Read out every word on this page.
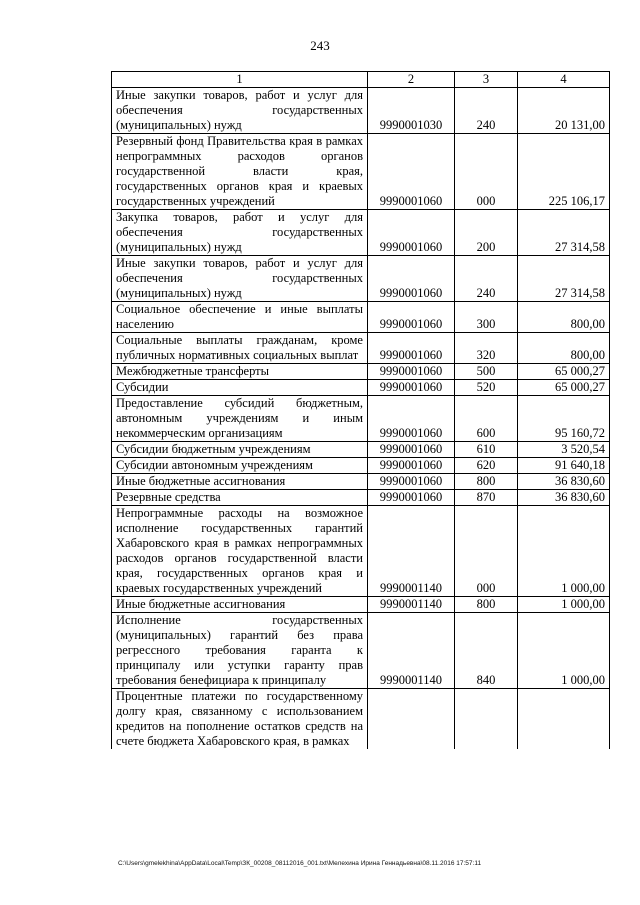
243
1	2	3	4
Иные закупки товаров, работ и услуг для обеспечения государственных (муниципальных) нужд	9990001030	240	20 131,00
Резервный фонд Правительства края в рамках непрограммных расходов органов государственной власти края, государственных органов края и краевых государственных учреждений	9990001060	000	225 106,17
Закупка товаров, работ и услуг для обеспечения государственных (муниципальных) нужд	9990001060	200	27 314,58
Иные закупки товаров, работ и услуг для обеспечения государственных (муниципальных) нужд	9990001060	240	27 314,58
Социальное обеспечение и иные выплаты населению	9990001060	300	800,00
Социальные выплаты гражданам, кроме публичных нормативных социальных выплат	9990001060	320	800,00
Межбюджетные трансферты	9990001060	500	65 000,27
Субсидии	9990001060	520	65 000,27
Предоставление субсидий бюджетным, автономным учреждениям и иным некоммерческим организациям	9990001060	600	95 160,72
Субсидии бюджетным учреждениям	9990001060	610	3 520,54
Субсидии автономным учреждениям	9990001060	620	91 640,18
Иные бюджетные ассигнования	9990001060	800	36 830,60
Резервные средства	9990001060	870	36 830,60
Непрограммные расходы на возможное исполнение государственных гарантий Хабаровского края в рамках непрограммных расходов органов государственной власти края, государственных органов края и краевых государственных учреждений	9990001140	000	1 000,00
Иные бюджетные ассигнования	9990001140	800	1 000,00
Исполнение государственных (муниципальных) гарантий без права регрессного требования гаранта к принципалу или уступки гаранту прав требования бенефициара к принципалу	9990001140	840	1 000,00
Процентные платежи по государственному долгу края, связанному с использованием кредитов на пополнение остатков средств на счете бюджета Хабаровского края, в рамках			
C:\Users\gmelekhina\AppData\Local\Temp\ЗК_00208_08112016_001.txt\Мелехина Ирина Геннадьевна\08.11.2016 17:57:11
